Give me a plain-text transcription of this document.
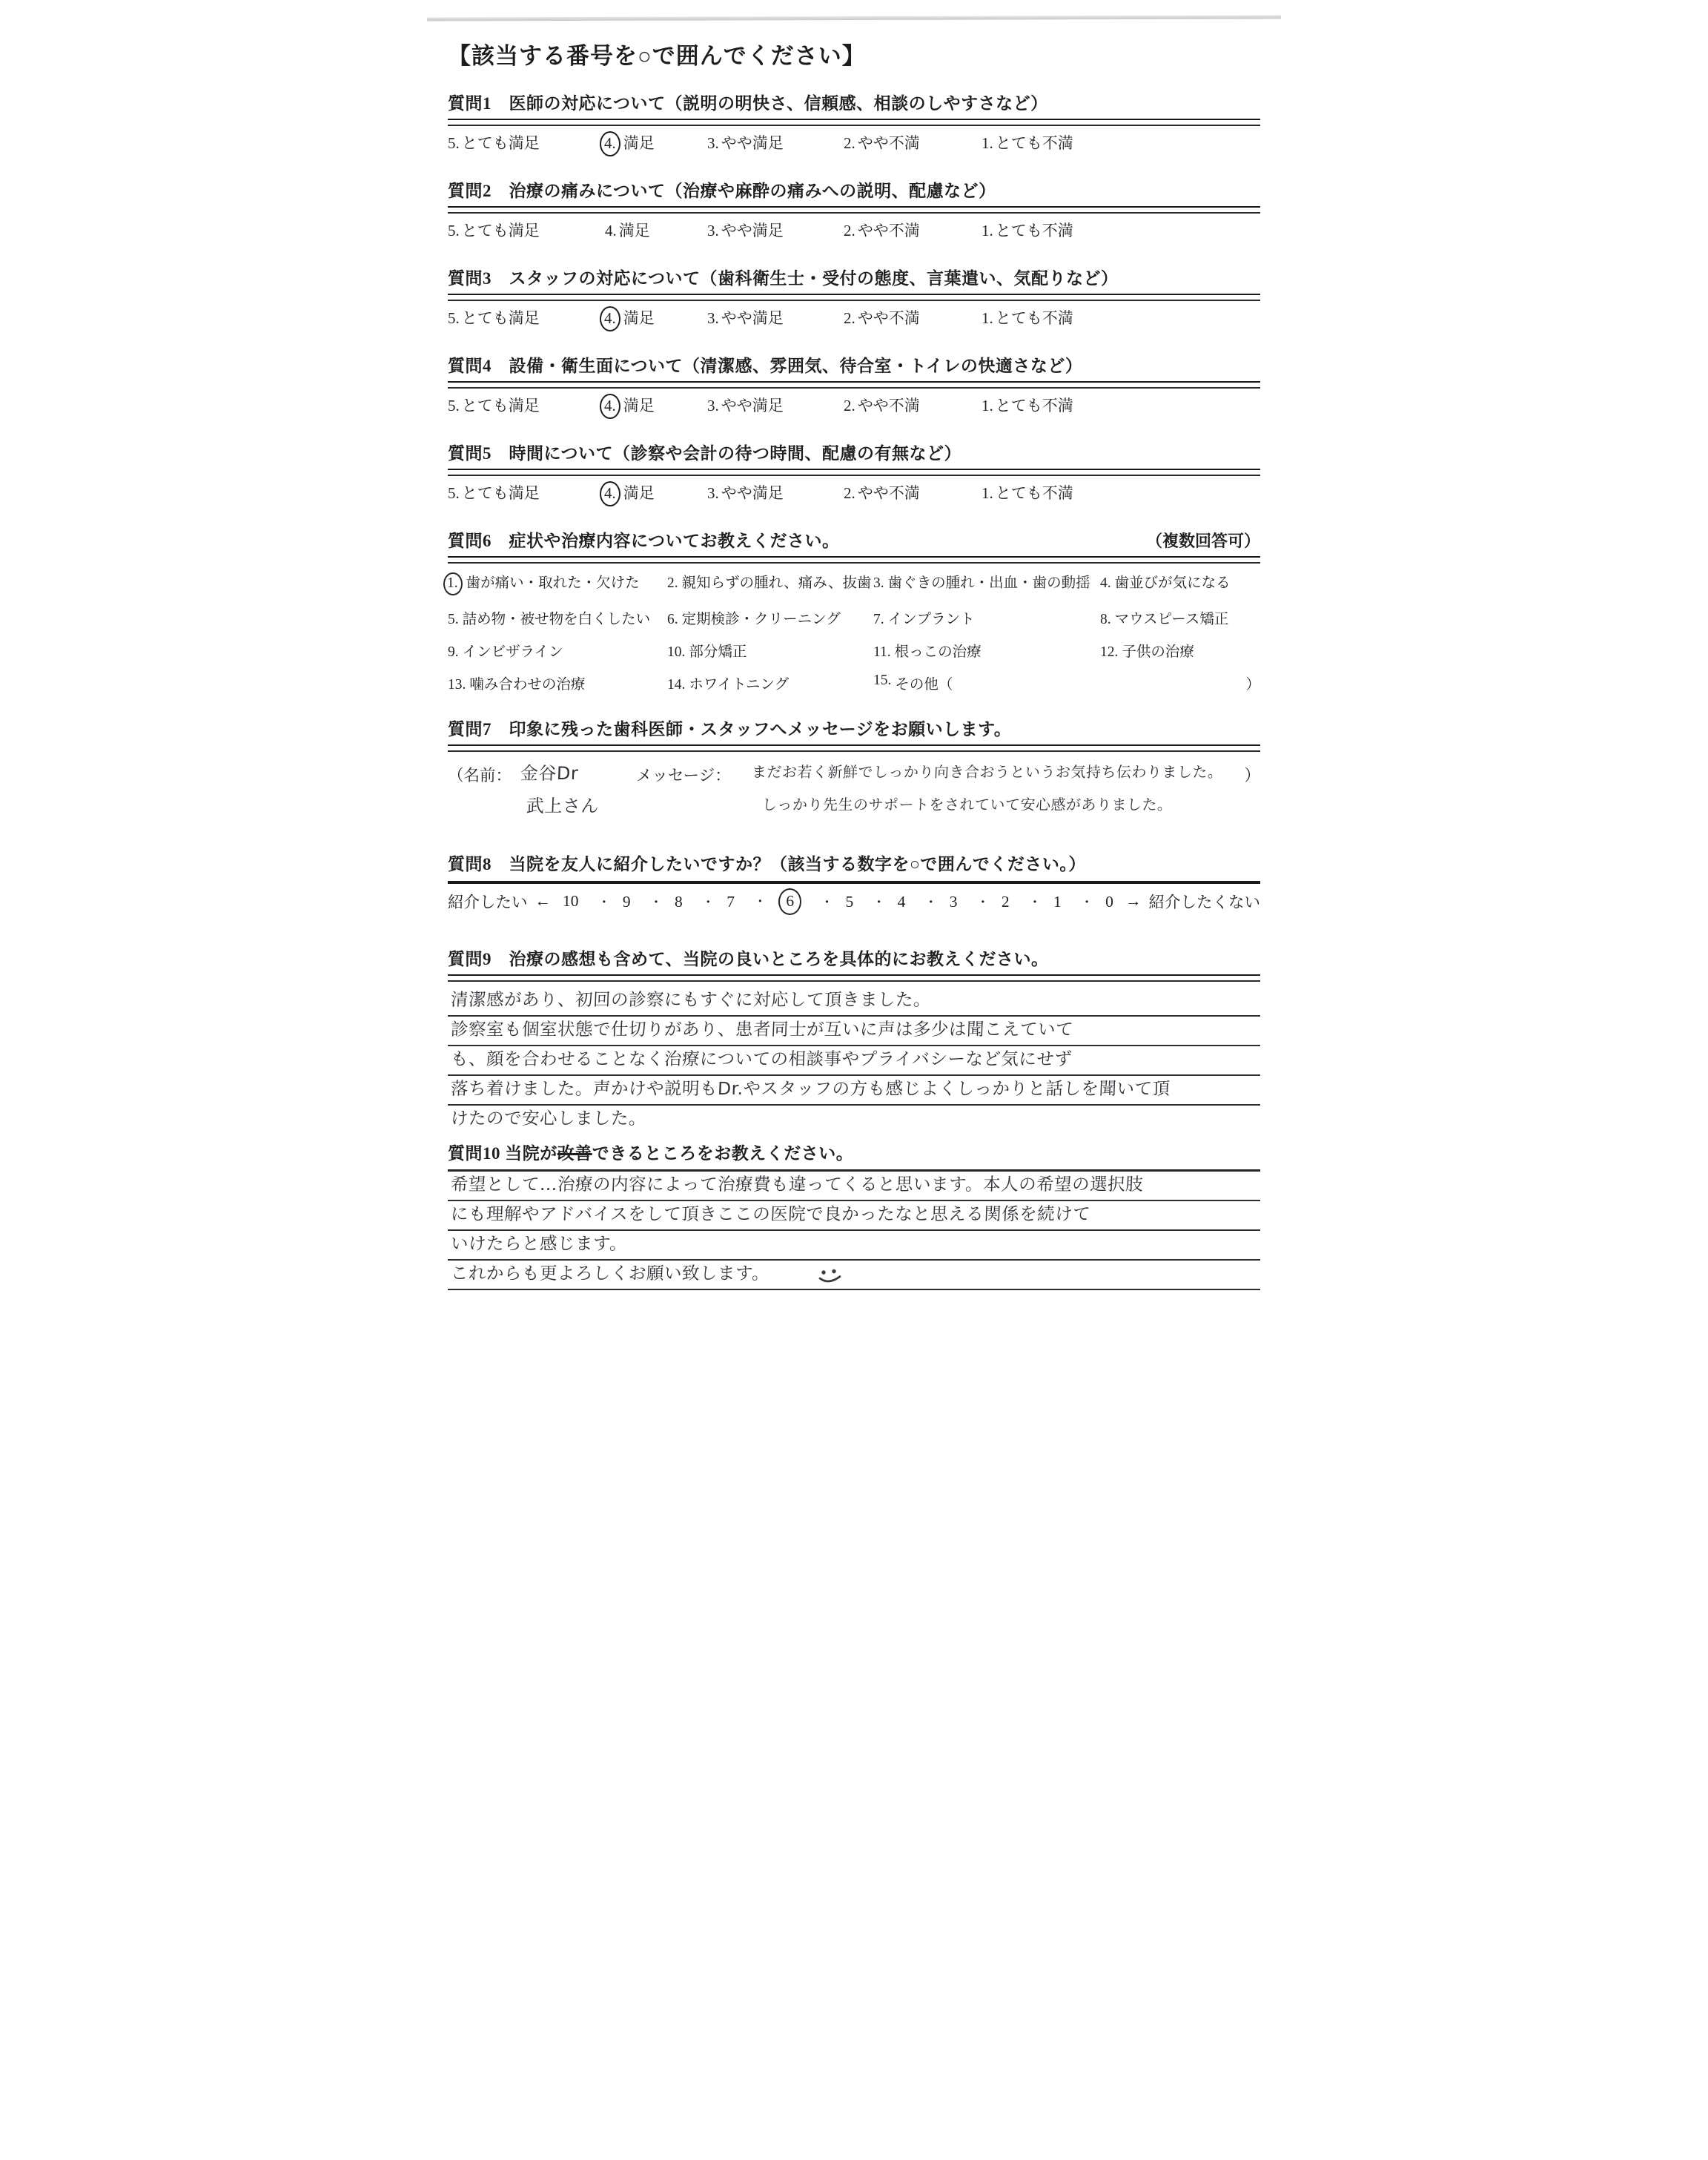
【該当する番号を○で囲んでください】
質問1　医師の対応について（説明の明快さ、信頼感、相談のしやすさなど）
5. とても満足	4. 満足	3. やや満足	2. やや不満	1. とても不満
質問2　治療の痛みについて（治療や麻酔の痛みへの説明、配慮など）
5. とても満足	4. 満足	3. やや満足	2. やや不満	1. とても不満
質問3　スタッフの対応について（歯科衛生士・受付の態度、言葉遣い、気配りなど）
5. とても満足	4. 満足	3. やや満足	2. やや不満	1. とても不満
質問4　設備・衛生面について（清潔感、雰囲気、待合室・トイレの快適さなど）
5. とても満足	4. 満足	3. やや満足	2. やや不満	1. とても不満
質問5　時間について（診察や会計の待つ時間、配慮の有無など）
5. とても満足	4. 満足	3. やや満足	2. やや不満	1. とても不満
質問6　症状や治療内容についてお教えください。	（複数回答可）
1. 歯が痛い・取れた・欠けた	2. 親知らずの腫れ、痛み、抜歯 3. 歯ぐきの腫れ・出血・歯の動揺 4. 歯並びが気になる
5. 詰め物・被せ物を白くしたい	6. 定期検診・クリーニング	7. インプラント	8. マウスピース矯正
9. インビザライン	10. 部分矯正	11. 根っこの治療	12. 子供の治療
13. 噛み合わせの治療	14. ホワイトニング	15. その他（	）
質問7　印象に残った歯科医師・スタッフへメッセージをお願いします。
（名前： 金谷Dr
武上さん
メッセージ： まだお若く新鮮でしっかり向き合おうというお気持ち伝わりました。
しっかり先生のサポートをされていて安心感がありました。
）
質問8　当院を友人に紹介したいですか？（該当する数字を○で囲んでください。）
紹介したい ← 10 ・ 9 ・ 8 ・ 7 ・ 6	・ 5 ・ 4 ・ 3 ・ 2 ・ 1 ・ 0 → 紹介したくない
質問9　治療の感想も含めて、当院の良いところを具体的にお教えください。
清潔感があり、初回の診察にもすぐに対応して頂きました。
診察室も個室状態で仕切りがあり、患者同士が互いに声は多少は聞こえていて
も、顔を合わせることなく治療についての相談事やプライバシーなど気にせず
落ち着けました。声かけや説明もDr.やスタッフの方も感じよくしっかりと話しを聞いて頂
けたので安心しました。
質問10 当院が改善できるところをお教えください。
希望として…治療の内容によって治療費も違ってくると思います。本人の希望の選択肢
にも理解やアドバイスをして頂きここの医院で良かったなと思える関係を続けて
いけたらと感じます。
これからも更よろしくお願い致します。
